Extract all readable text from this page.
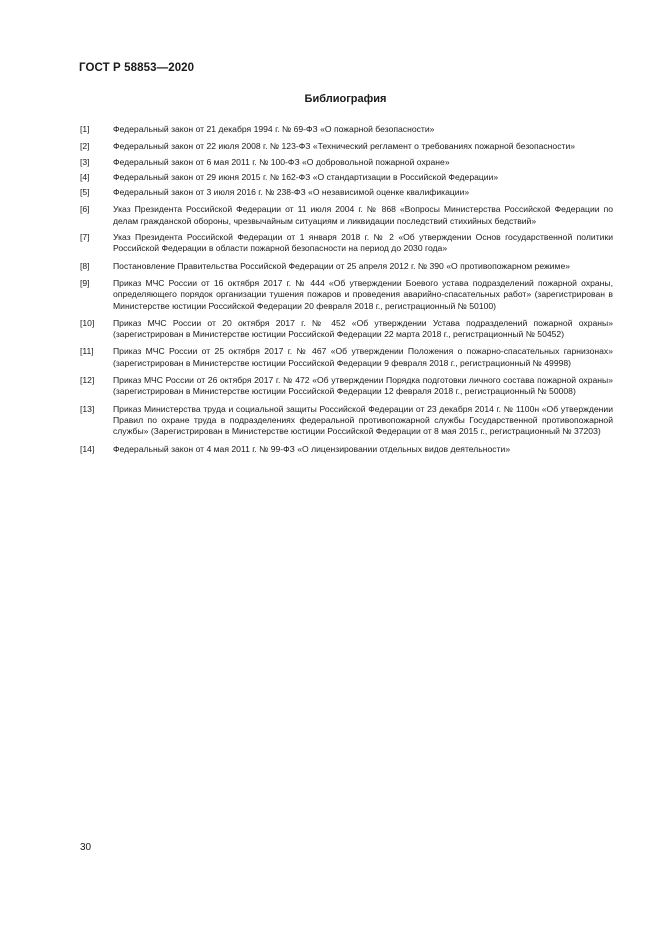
ГОСТ Р 58853—2020
Библиография
[1]	Федеральный закон от 21 декабря 1994 г. № 69-ФЗ «О пожарной безопасности»
[2]	Федеральный закон от 22 июля 2008 г. № 123-ФЗ «Технический регламент о требованиях пожарной безопасности»
[3]	Федеральный закон от 6 мая 2011 г. № 100-ФЗ «О добровольной пожарной охране»
[4]	Федеральный закон от 29 июня 2015 г. № 162-ФЗ «О стандартизации в Российской Федерации»
[5]	Федеральный закон от 3 июля 2016 г. № 238-ФЗ «О независимой оценке квалификации»
[6]	Указ Президента Российской Федерации от 11 июля 2004 г. № 868 «Вопросы Министерства Российской Федерации по делам гражданской обороны, чрезвычайным ситуациям и ликвидации последствий стихийных бедствий»
[7]	Указ Президента Российской Федерации от 1 января 2018 г. № 2 «Об утверждении Основ государственной политики Российской Федерации в области пожарной безопасности на период до 2030 года»
[8]	Постановление Правительства Российской Федерации от 25 апреля 2012 г. № 390 «О противопожарном режиме»
[9]	Приказ МЧС России от 16 октября 2017 г. № 444 «Об утверждении Боевого устава подразделений пожарной охраны, определяющего порядок организации тушения пожаров и проведения аварийно-спасательных работ» (зарегистрирован в Министерстве юстиции Российской Федерации 20 февраля 2018 г., регистрационный № 50100)
[10]	Приказ МЧС России от 20 октября 2017 г. № 452 «Об утверждении Устава подразделений пожарной охраны» (зарегистрирован в Министерстве юстиции Российской Федерации 22 марта 2018 г., регистрационный № 50452)
[11]	Приказ МЧС России от 25 октября 2017 г. № 467 «Об утверждении Положения о пожарно-спасательных гарнизонах» (зарегистрирован в Министерстве юстиции Российской Федерации 9 февраля 2018 г., регистрационный № 49998)
[12]	Приказ МЧС России от 26 октября 2017 г. № 472 «Об утверждении Порядка подготовки личного состава пожарной охраны» (зарегистрирован в Министерстве юстиции Российской Федерации 12 февраля 2018 г., регистрационный № 50008)
[13]	Приказ Министерства труда и социальной защиты Российской Федерации от 23 декабря 2014 г. № 1100н «Об утверждении Правил по охране труда в подразделениях федеральной противопожарной службы Государственной противопожарной службы» (Зарегистрирован в Министерстве юстиции Российской Федерации от 8 мая 2015 г., регистрационный № 37203)
[14]	Федеральный закон от 4 мая 2011 г. № 99-ФЗ «О лицензировании отдельных видов деятельности»
30
